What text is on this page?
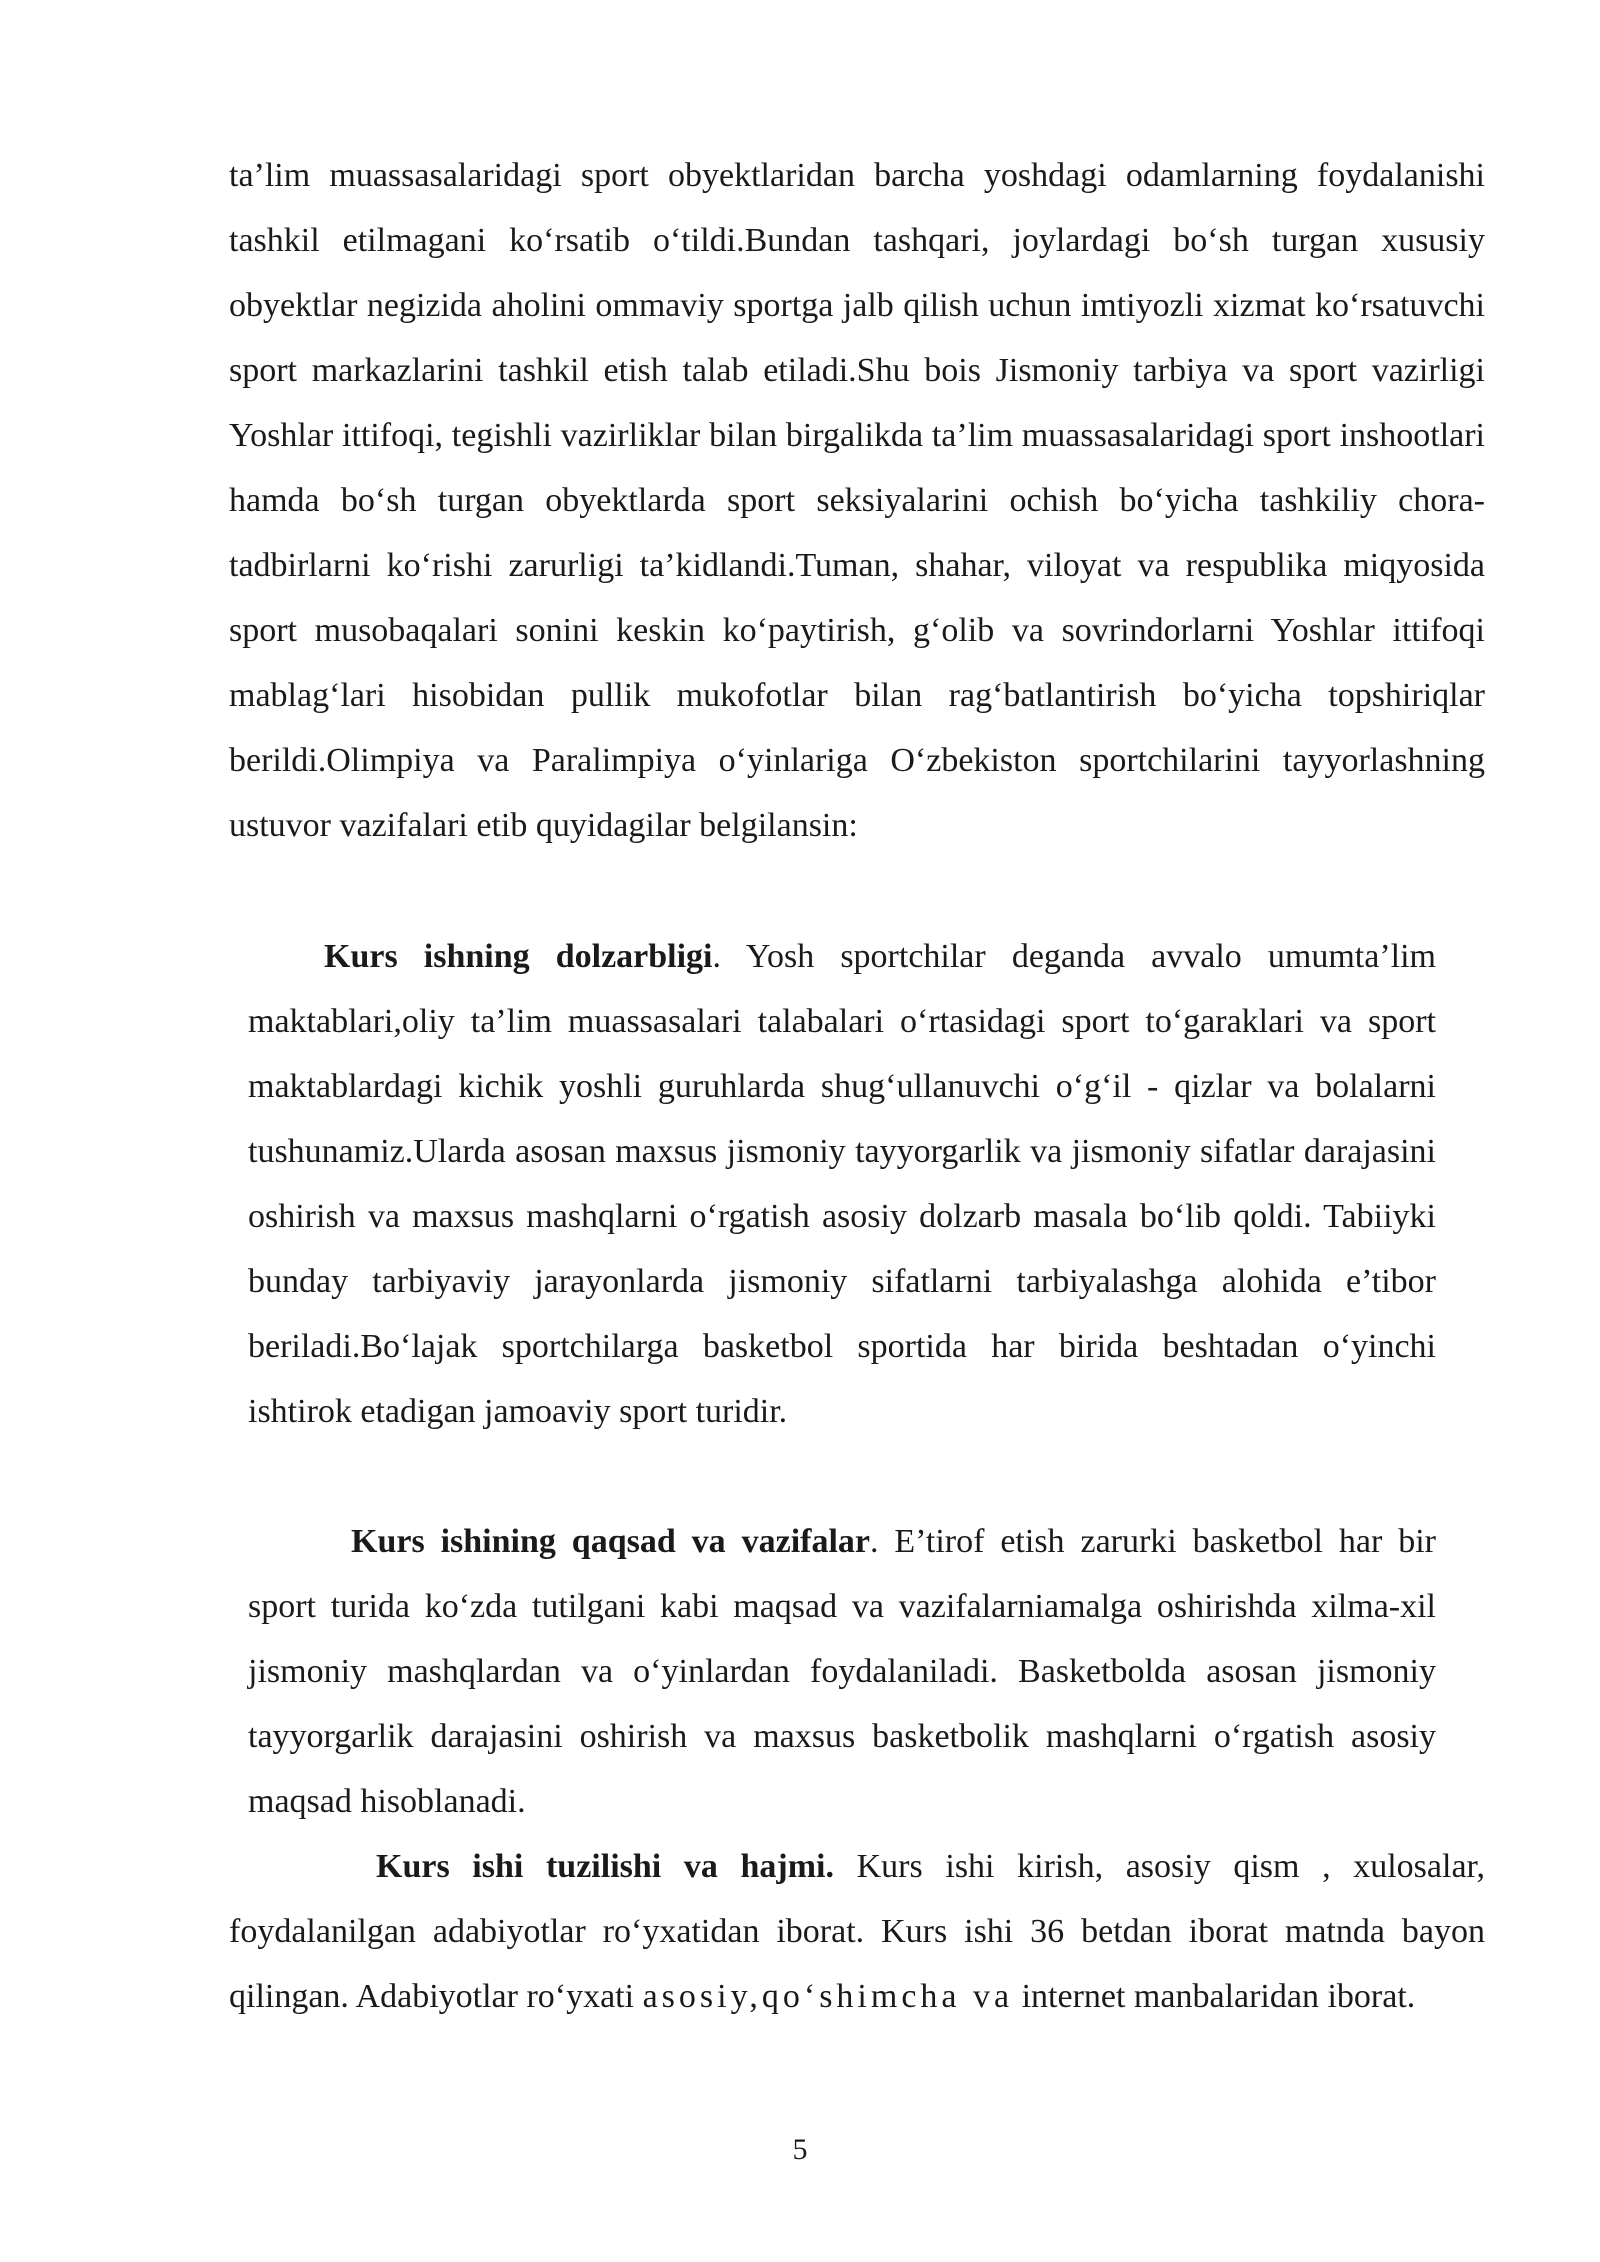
ta’lim muassasalaridagi sport obyektlaridan barcha yoshdagi odamlarning foydalanishi tashkil etilmagani ko‘rsatib o‘tildi.Bundan tashqari, joylardagi bo‘sh turgan xususiy obyektlar negizida aholini ommaviy sportga jalb qilish uchun imtiyozli xizmat ko‘rsatuvchi sport markazlarini tashkil etish talab etiladi.Shu bois Jismoniy tarbiya va sport vazirligi Yoshlar ittifoqi, tegishli vazirliklar bilan birgalikda ta’lim muassasalaridagi sport inshootlari hamda bo‘sh turgan obyektlarda sport seksiyalarini ochish bo‘yicha tashkiliy chora-tadbirlarni ko‘rishi zarurligi ta’kidlandi.Tuman, shahar, viloyat va respublika miqyosida sport musobaqalari sonini keskin ko‘paytirish, g‘olib va sovrindorlarni Yoshlar ittifoqi mablag‘lari hisobidan pullik mukofotlar bilan rag‘batlantirish bo‘yicha topshiriqlar berildi.Olimpiya va Paralimpiya o‘yinlariga O‘zbekiston sportchilarini tayyorlashning ustuvor vazifalari etib quyidagilar belgilansin:

Kurs ishning dolzarbligi. Yosh sportchilar deganda avvalo umumta’lim maktablari,oliy ta’lim muassasalari talabalari o‘rtasidagi sport to‘garaklari va sport maktablardagi kichik yoshli guruhlarda shug‘ullanuvchi o‘g‘il - qizlar va bolalarni tushunamiz.Ularda asosan maxsus jismoniy tayyorgarlik va jismoniy sifatlar darajasini oshirish va maxsus mashqlarni o‘rgatish asosiy dolzarb masala bo‘lib qoldi. Tabiiyki bunday tarbiyaviy jarayonlarda jismoniy sifatlarni tarbiyalashga alohida e’tibor beriladi.Bo‘lajak sportchilarga basketbol sportida har birida beshtadan o‘yinchi ishtirok etadigan jamoaviy sport turidir.

Kurs ishining qaqsad va vazifalar. E’tirof etish zarurki basketbol har bir sport turida ko‘zda tutilgani kabi maqsad va vazifalarniamalga oshirishda xilma-xil jismoniy mashqlardan va o‘yinlardan foydalaniladi. Basketbolda asosan jismoniy tayyorgarlik darajasini oshirish va maxsus basketbolik mashqlarni o‘rgatish asosiy maqsad hisoblanadi.

Kurs ishi tuzilishi va hajmi. Kurs ishi kirish, asosiy qism , xulosalar, foydalanilgan adabiyotlar ro‘yxatidan iborat. Kurs ishi 36 betdan iborat matnda bayon qilingan. Adabiyotlar ro‘yxati asosiy,qo‘shimcha va internet manbalaridan iborat.

5
